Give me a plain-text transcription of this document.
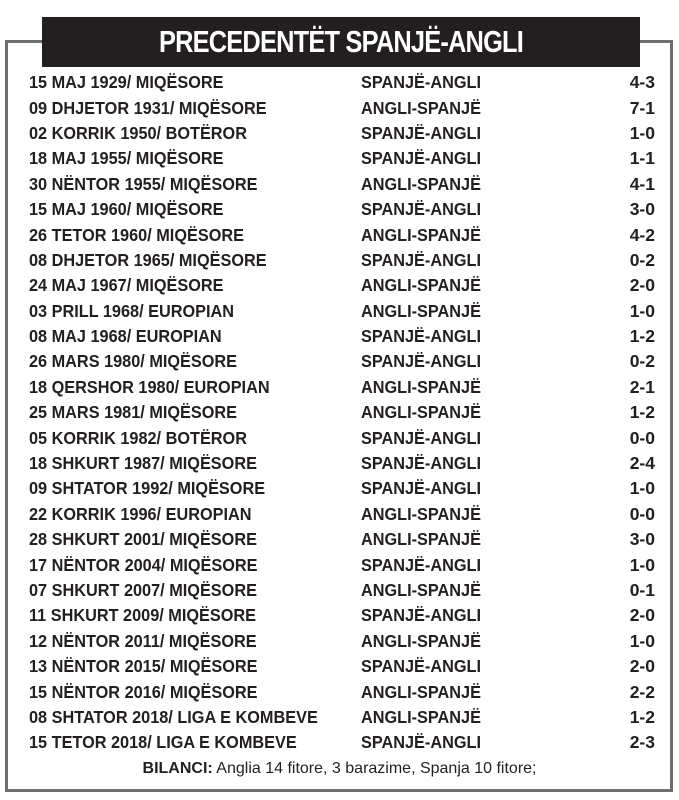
PRECEDENTËT SPANJË-ANGLI
15 MAJ 1929/ MIQËSORE	SPANJË-ANGLI	4-3
09 DHJETOR 1931/ MIQËSORE	ANGLI-SPANJË	7-1
02 KORRIK 1950/ BOTËROR	SPANJË-ANGLI	1-0
18 MAJ 1955/ MIQËSORE	SPANJË-ANGLI	1-1
30 NËNTOR 1955/ MIQËSORE	ANGLI-SPANJË	4-1
15 MAJ 1960/ MIQËSORE	SPANJË-ANGLI	3-0
26 TETOR 1960/ MIQËSORE	ANGLI-SPANJË	4-2
08 DHJETOR 1965/ MIQËSORE	SPANJË-ANGLI	0-2
24 MAJ 1967/ MIQËSORE	ANGLI-SPANJË	2-0
03 PRILL 1968/ EUROPIAN	ANGLI-SPANJË	1-0
08 MAJ 1968/ EUROPIAN	SPANJË-ANGLI	1-2
26 MARS 1980/ MIQËSORE	SPANJË-ANGLI	0-2
18 QERSHOR 1980/ EUROPIAN	ANGLI-SPANJË	2-1
25 MARS 1981/ MIQËSORE	ANGLI-SPANJË	1-2
05 KORRIK 1982/ BOTËROR	SPANJË-ANGLI	0-0
18 SHKURT 1987/ MIQËSORE	SPANJË-ANGLI	2-4
09 SHTATOR 1992/ MIQËSORE	SPANJË-ANGLI	1-0
22 KORRIK 1996/ EUROPIAN	ANGLI-SPANJË	0-0
28 SHKURT 2001/ MIQËSORE	ANGLI-SPANJË	3-0
17 NËNTOR 2004/ MIQËSORE	SPANJË-ANGLI	1-0
07 SHKURT 2007/ MIQËSORE	ANGLI-SPANJË	0-1
11 SHKURT 2009/ MIQËSORE	SPANJË-ANGLI	2-0
12 NËNTOR 2011/ MIQËSORE	ANGLI-SPANJË	1-0
13 NËNTOR 2015/ MIQËSORE	SPANJË-ANGLI	2-0
15 NËNTOR 2016/ MIQËSORE	ANGLI-SPANJË	2-2
08 SHTATOR 2018/ LIGA E KOMBEVE	ANGLI-SPANJË	1-2
15 TETOR 2018/ LIGA E KOMBEVE	SPANJË-ANGLI	2-3
BILANCI: Anglia 14 fitore, 3 barazime, Spanja 10 fitore;
